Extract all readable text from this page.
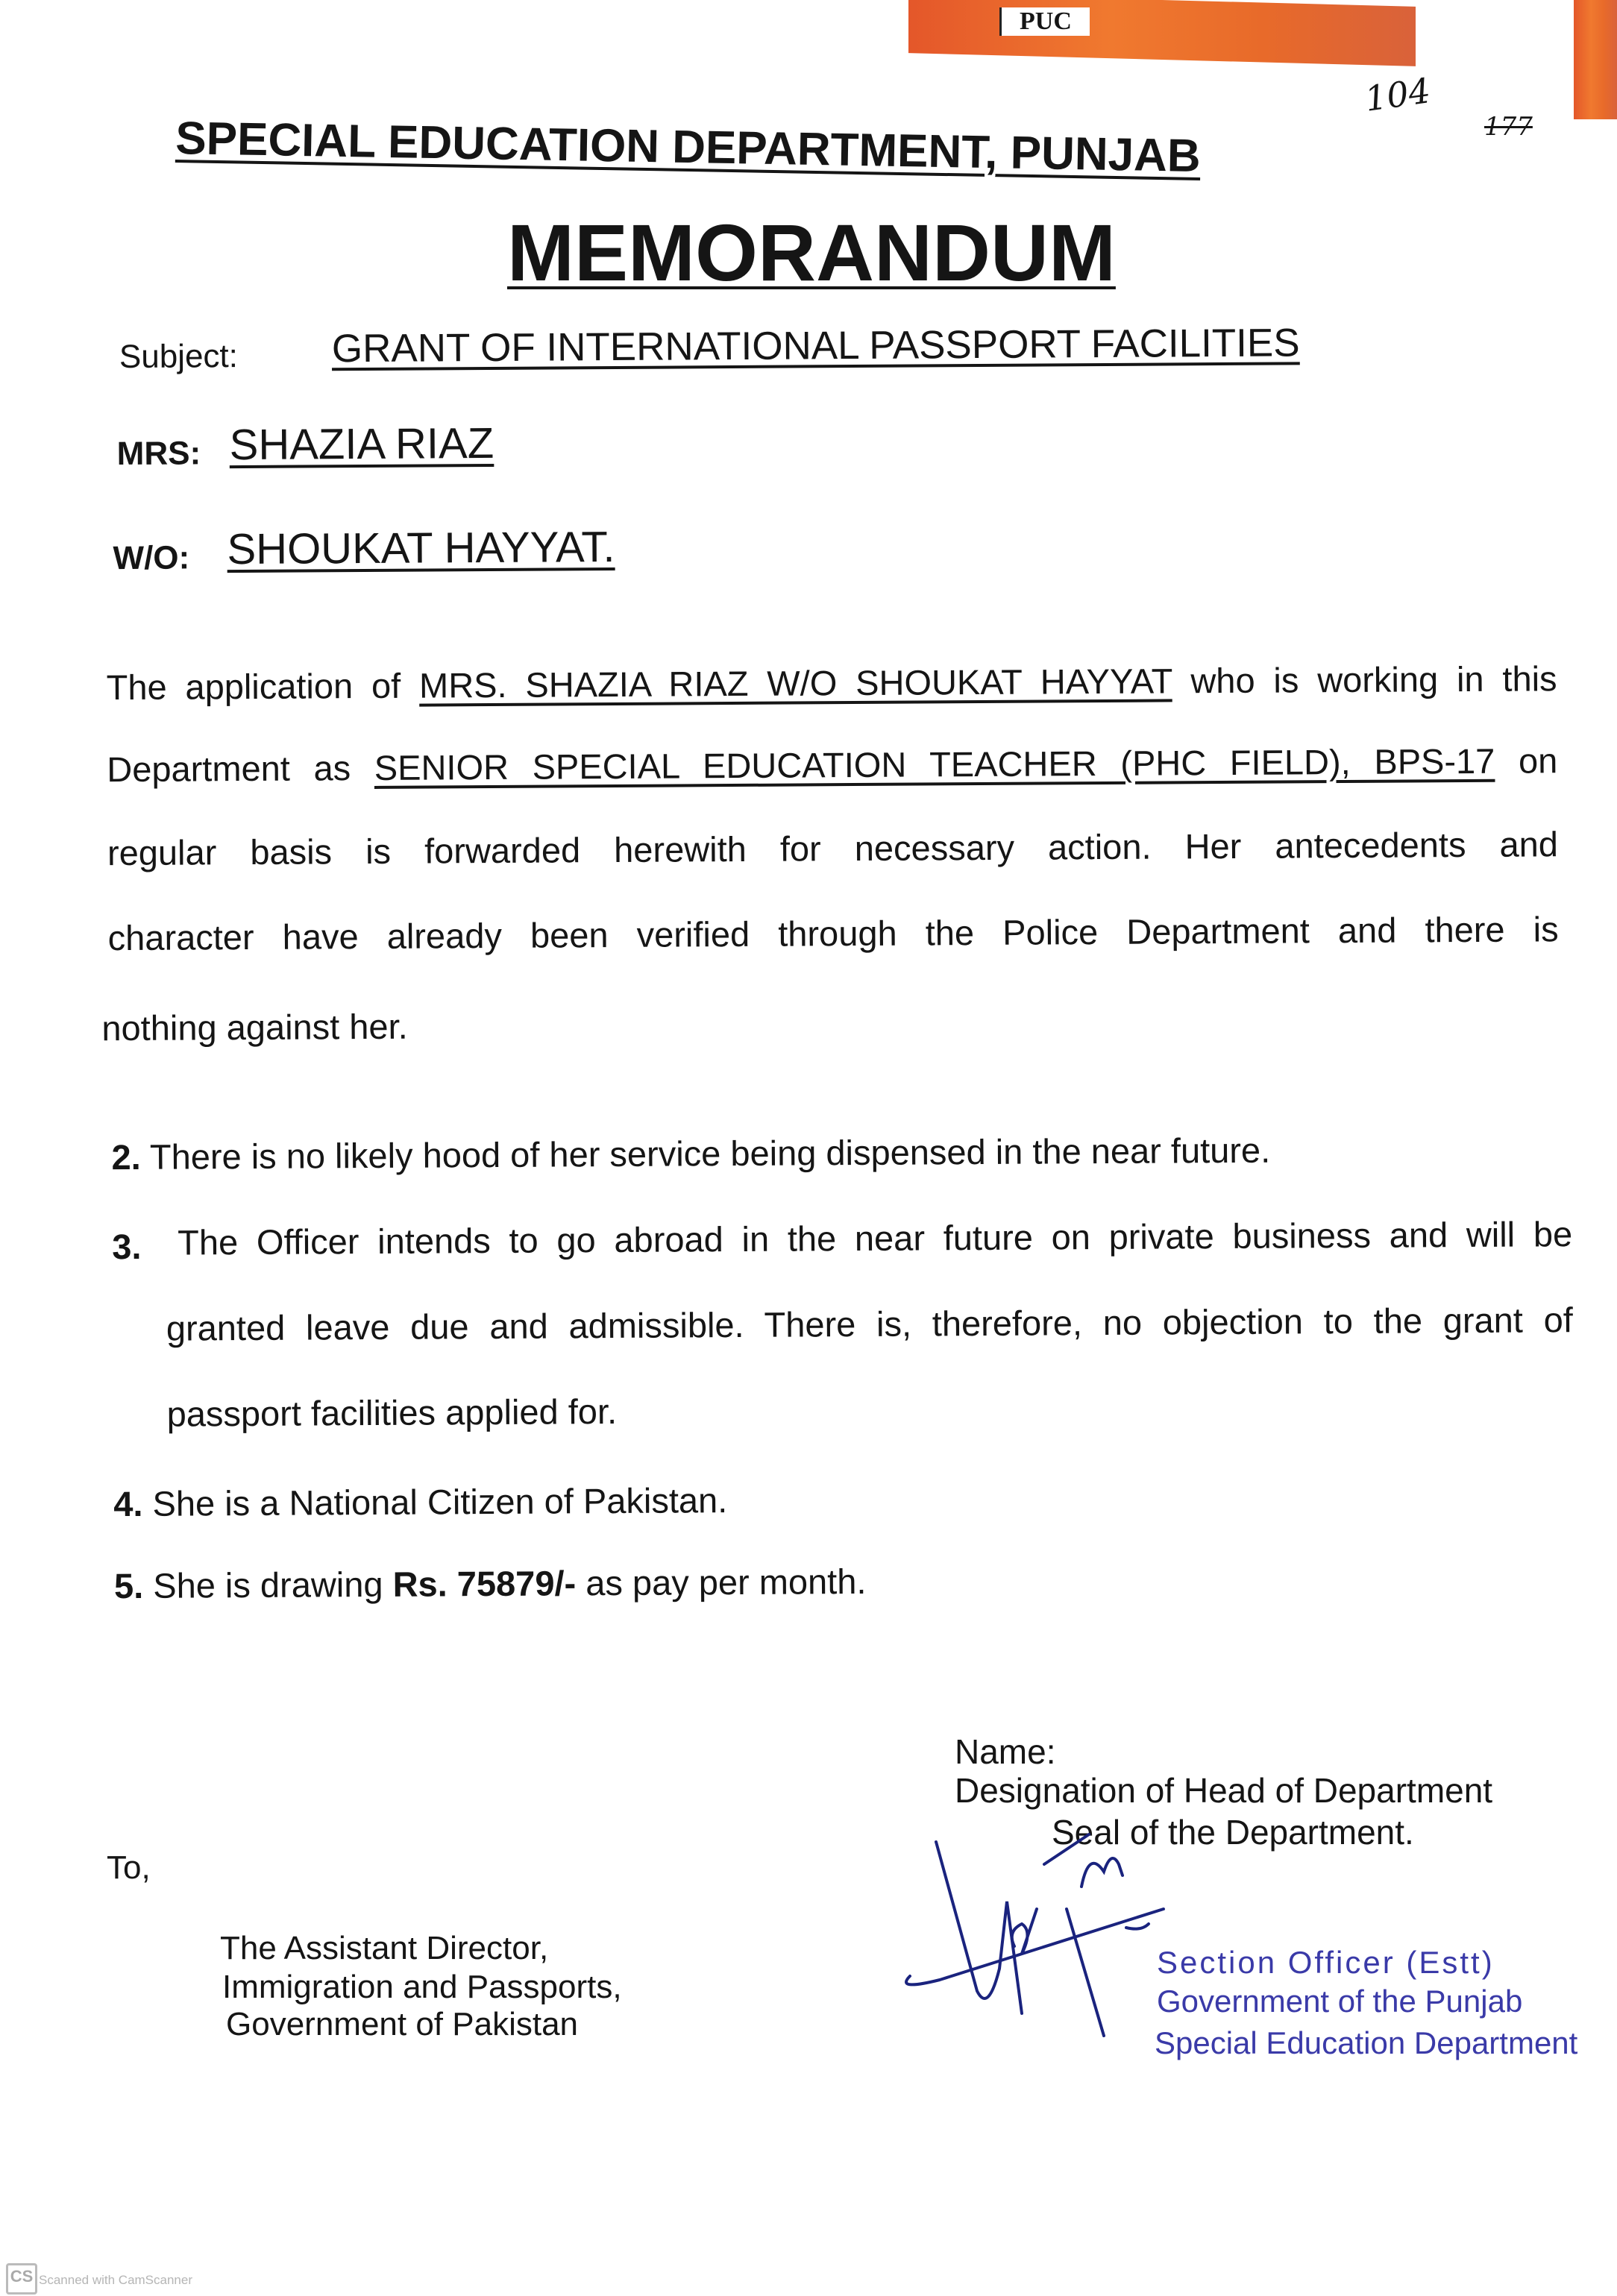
PUC
104
177
SPECIAL EDUCATION DEPARTMENT, PUNJAB
MEMORANDUM
Subject: GRANT OF INTERNATIONAL PASSPORT FACILITIES
MRS: SHAZIA RIAZ
W/O: SHOUKAT HAYYAT.
The application of MRS. SHAZIA RIAZ W/O SHOUKAT HAYYAT who is working in this
Department as SENIOR SPECIAL EDUCATION TEACHER (PHC FIELD), BPS-17 on
regular basis is forwarded herewith for necessary action. Her antecedents and
character have already been verified through the Police Department and there is
nothing against her.
2. There is no likely hood of her service being dispensed in the near future.
3. The Officer intends to go abroad in the near future on private business and will be
granted leave due and admissible. There is, therefore, no objection to the grant of
passport facilities applied for.
4. She is a National Citizen of Pakistan.
5. She is drawing Rs. 75879/- as pay per month.
Name:
Designation of Head of Department
Seal of the Department.
Section Officer (Estt)
Government of the Punjab
Special Education Department
To,
The Assistant Director,
Immigration and Passports,
Government of Pakistan
CS Scanned with CamScanner
